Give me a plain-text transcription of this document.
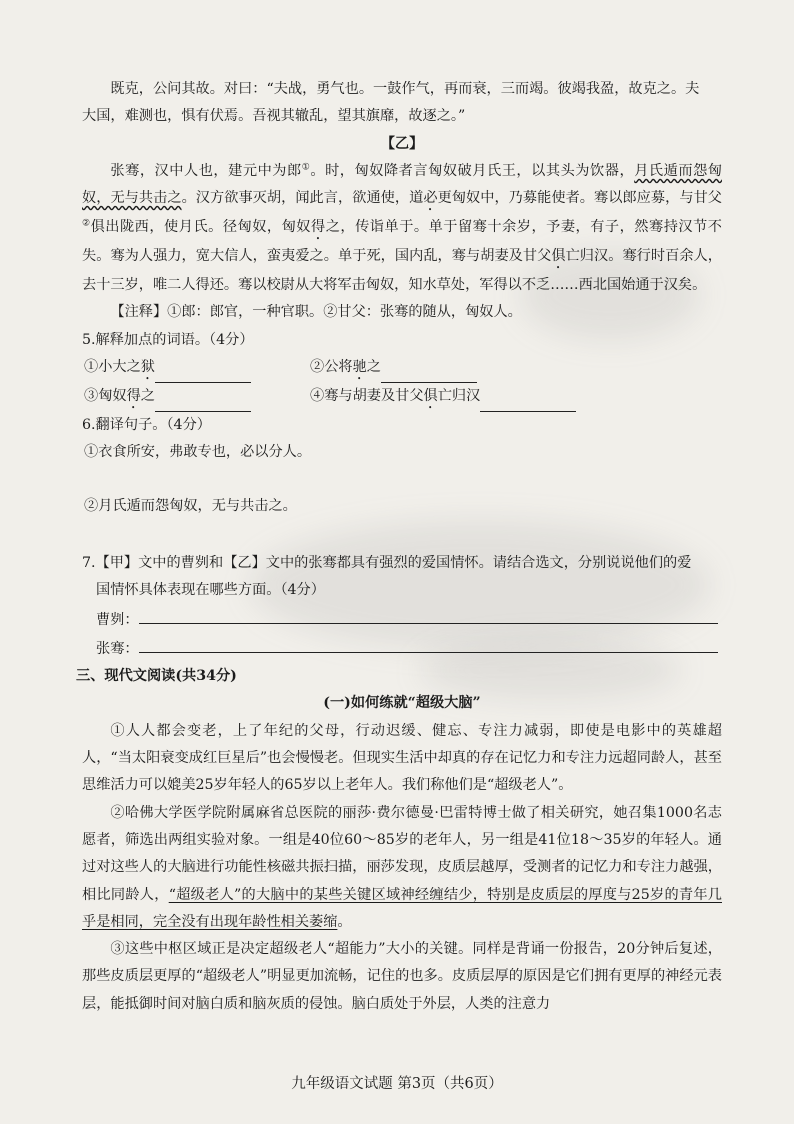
既克，公问其故。对曰：“夫战，勇气也。一鼓作气，再而衰，三而竭。彼竭我盈，故克之。夫

大国，难测也，惧有伏焉。吾视其辙乱，望其旗靡，故逐之。”

【乙】

张骞，汉中人也，建元中为郎①。时，匈奴降者言匈奴破月氏王，以其头为饮器，月氏遁而怨匈奴，无与共击之。汉方欲事灭胡，闻此言，欲通使，道必更匈奴中，乃募能使者。骞以郎应募，与甘父②俱出陇西，使月氏。径匈奴，匈奴得之，传诣单于。单于留骞十余岁，予妻，有子，然骞持汉节不失。骞为人强力，宽大信人，蛮夷爱之。单于死，国内乱，骞与胡妻及甘父俱亡归汉。骞行时百余人，去十三岁，唯二人得还。骞以校尉从大将军击匈奴，知水草处，军得以不乏……西北国始通于汉矣。

【注释】①郎：郎官，一种官职。②甘父：张骞的随从，匈奴人。

5.解释加点的词语。（4分）

①小大之狱	②公将驰之
③匈奴得之	④骞与胡妻及甘父俱亡归汉

6.翻译句子。（4分）

①衣食所安，弗敢专也，必以分人。

②月氏遁而怨匈奴，无与共击之。

7.【甲】文中的曹刿和【乙】文中的张骞都具有强烈的爱国情怀。请结合选文，分别说说他们的爱

国情怀具体表现在哪些方面。（4分）

曹刿：
张骞：

三、现代文阅读(共34分)

(一)如何练就“超级大脑”

①人人都会变老，上了年纪的父母，行动迟缓、健忘、专注力减弱，即使是电影中的英雄超人，“当太阳衰变成红巨星后”也会慢慢老。但现实生活中却真的存在记忆力和专注力远超同龄人，甚至思维活力可以媲美25岁年轻人的65岁以上老年人。我们称他们是“超级老人”。

②哈佛大学医学院附属麻省总医院的丽莎·费尔德曼·巴雷特博士做了相关研究，她召集1000名志愿者，筛选出两组实验对象。一组是40位60～85岁的老年人，另一组是41位18～35岁的年轻人。通过对这些人的大脑进行功能性核磁共振扫描，丽莎发现，皮质层越厚，受测者的记忆力和专注力越强，相比同龄人，“超级老人”的大脑中的某些关键区域神经缠结少，特别是皮质层的厚度与25岁的青年几乎是相同，完全没有出现年龄性相关萎缩。

③这些中枢区域正是决定超级老人“超能力”大小的关键。同样是背诵一份报告，20分钟后复述，那些皮质层更厚的“超级老人”明显更加流畅，记住的也多。皮质层厚的原因是它们拥有更厚的神经元表层，能抵御时间对脑白质和脑灰质的侵蚀。脑白质处于外层，人类的注意力

九年级语文试题 第3页（共6页）
